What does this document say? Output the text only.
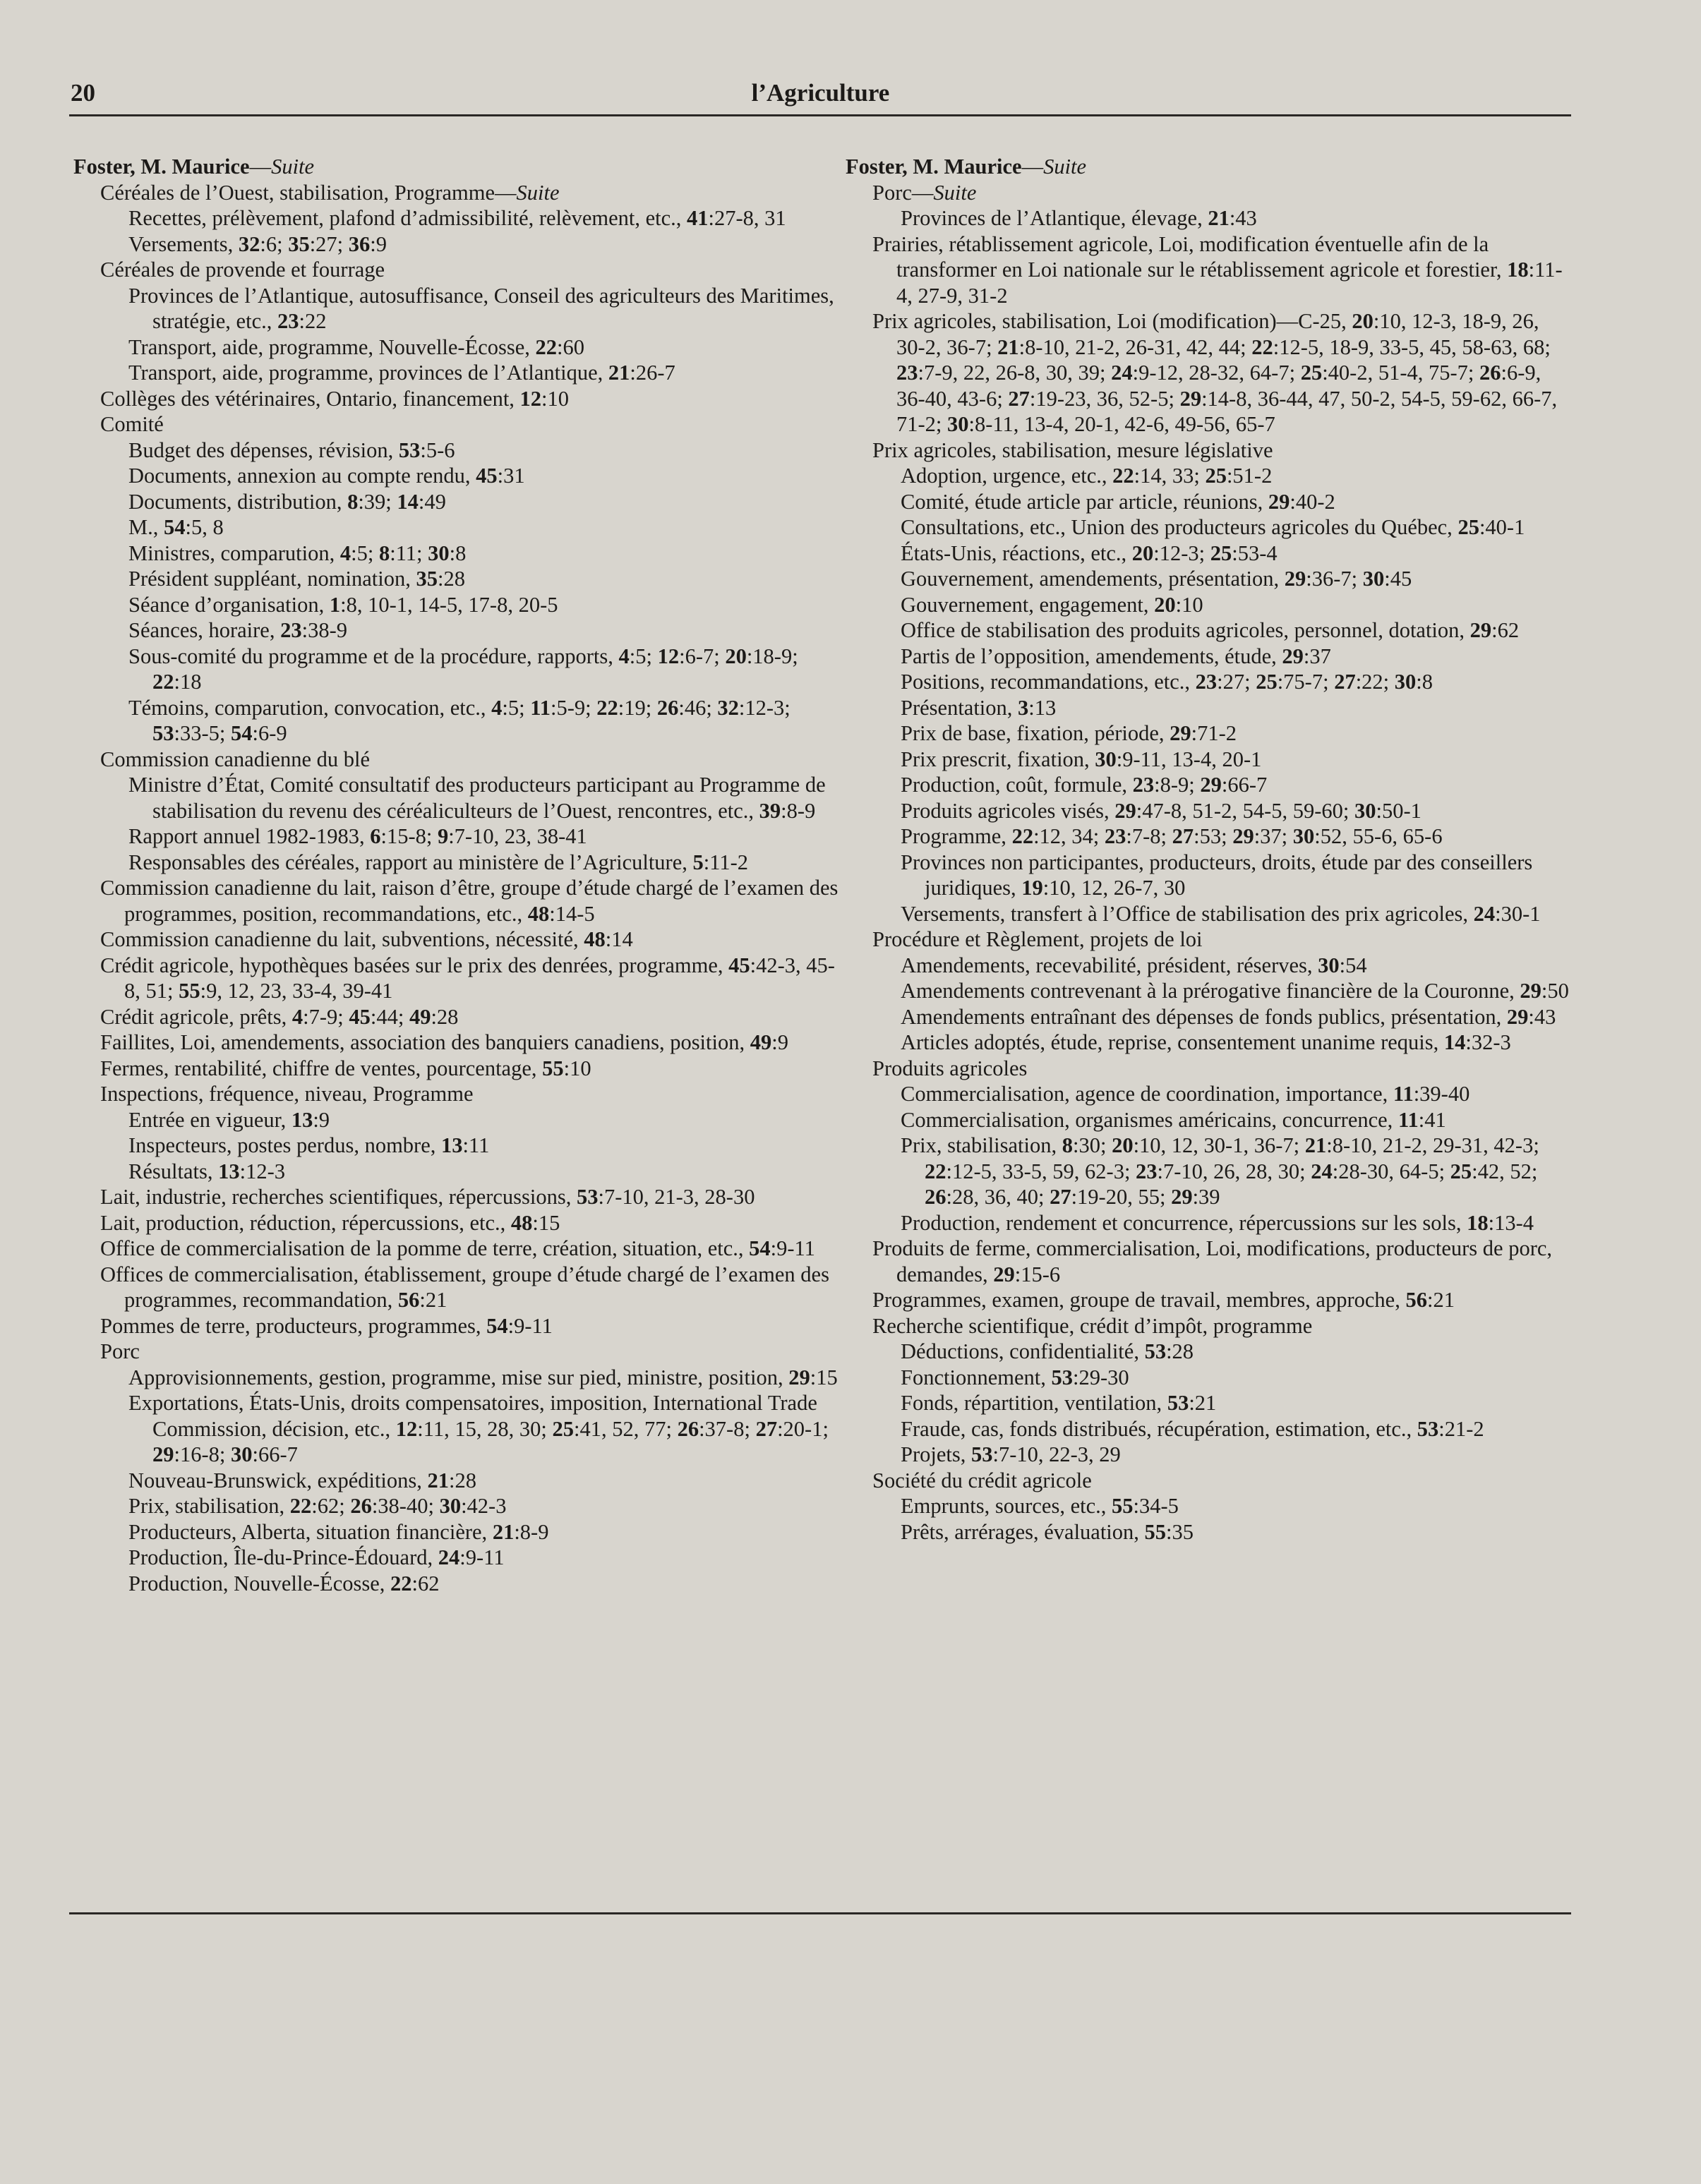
20	l’Agriculture

Foster, M. Maurice—Suite

Céréales de l’Ouest, stabilisation, Programme—Suite

Recettes, prélèvement, plafond d’admissibilité, relèvement, etc., 41:27-8, 31

Versements, 32:6; 35:27; 36:9

Céréales de provende et fourrage

Provinces de l’Atlantique, autosuffisance, Conseil des agriculteurs des Maritimes, stratégie, etc., 23:22

Transport, aide, programme, Nouvelle-Écosse, 22:60

Transport, aide, programme, provinces de l’Atlantique, 21:26-7

Collèges des vétérinaires, Ontario, financement, 12:10

Comité

Budget des dépenses, révision, 53:5-6

Documents, annexion au compte rendu, 45:31

Documents, distribution, 8:39; 14:49

M., 54:5, 8

Ministres, comparution, 4:5; 8:11; 30:8

Président suppléant, nomination, 35:28

Séance d’organisation, 1:8, 10-1, 14-5, 17-8, 20-5

Séances, horaire, 23:38-9

Sous-comité du programme et de la procédure, rapports, 4:5; 12:6-7; 20:18-9; 22:18

Témoins, comparution, convocation, etc., 4:5; 11:5-9; 22:19; 26:46; 32:12-3; 53:33-5; 54:6-9

Commission canadienne du blé

Ministre d’État, Comité consultatif des producteurs participant au Programme de stabilisation du revenu des céréaliculteurs de l’Ouest, rencontres, etc., 39:8-9

Rapport annuel 1982-1983, 6:15-8; 9:7-10, 23, 38-41

Responsables des céréales, rapport au ministère de l’Agriculture, 5:11-2

Commission canadienne du lait, raison d’être, groupe d’étude chargé de l’examen des programmes, position, recommandations, etc., 48:14-5

Commission canadienne du lait, subventions, nécessité, 48:14

Crédit agricole, hypothèques basées sur le prix des denrées, programme, 45:42-3, 45-8, 51; 55:9, 12, 23, 33-4, 39-41

Crédit agricole, prêts, 4:7-9; 45:44; 49:28

Faillites, Loi, amendements, association des banquiers canadiens, position, 49:9

Fermes, rentabilité, chiffre de ventes, pourcentage, 55:10

Inspections, fréquence, niveau, Programme

Entrée en vigueur, 13:9

Inspecteurs, postes perdus, nombre, 13:11

Résultats, 13:12-3

Lait, industrie, recherches scientifiques, répercussions, 53:7-10, 21-3, 28-30

Lait, production, réduction, répercussions, etc., 48:15

Office de commercialisation de la pomme de terre, création, situation, etc., 54:9-11

Offices de commercialisation, établissement, groupe d’étude chargé de l’examen des programmes, recommandation, 56:21

Pommes de terre, producteurs, programmes, 54:9-11

Porc

Approvisionnements, gestion, programme, mise sur pied, ministre, position, 29:15

Exportations, États-Unis, droits compensatoires, imposition, International Trade Commission, décision, etc., 12:11, 15, 28, 30; 25:41, 52, 77; 26:37-8; 27:20-1; 29:16-8; 30:66-7

Nouveau-Brunswick, expéditions, 21:28

Prix, stabilisation, 22:62; 26:38-40; 30:42-3

Producteurs, Alberta, situation financière, 21:8-9

Production, Île-du-Prince-Édouard, 24:9-11

Production, Nouvelle-Écosse, 22:62

Foster, M. Maurice—Suite

Porc—Suite

Provinces de l’Atlantique, élevage, 21:43

Prairies, rétablissement agricole, Loi, modification éventuelle afin de la transformer en Loi nationale sur le rétablissement agricole et forestier, 18:11-4, 27-9, 31-2

Prix agricoles, stabilisation, Loi (modification)—C-25, 20:10, 12-3, 18-9, 26, 30-2, 36-7; 21:8-10, 21-2, 26-31, 42, 44; 22:12-5, 18-9, 33-5, 45, 58-63, 68; 23:7-9, 22, 26-8, 30, 39; 24:9-12, 28-32, 64-7; 25:40-2, 51-4, 75-7; 26:6-9, 36-40, 43-6; 27:19-23, 36, 52-5; 29:14-8, 36-44, 47, 50-2, 54-5, 59-62, 66-7, 71-2; 30:8-11, 13-4, 20-1, 42-6, 49-56, 65-7

Prix agricoles, stabilisation, mesure législative

Adoption, urgence, etc., 22:14, 33; 25:51-2

Comité, étude article par article, réunions, 29:40-2

Consultations, etc., Union des producteurs agricoles du Québec, 25:40-1

États-Unis, réactions, etc., 20:12-3; 25:53-4

Gouvernement, amendements, présentation, 29:36-7; 30:45

Gouvernement, engagement, 20:10

Office de stabilisation des produits agricoles, personnel, dotation, 29:62

Partis de l’opposition, amendements, étude, 29:37

Positions, recommandations, etc., 23:27; 25:75-7; 27:22; 30:8

Présentation, 3:13

Prix de base, fixation, période, 29:71-2

Prix prescrit, fixation, 30:9-11, 13-4, 20-1

Production, coût, formule, 23:8-9; 29:66-7

Produits agricoles visés, 29:47-8, 51-2, 54-5, 59-60; 30:50-1

Programme, 22:12, 34; 23:7-8; 27:53; 29:37; 30:52, 55-6, 65-6

Provinces non participantes, producteurs, droits, étude par des conseillers juridiques, 19:10, 12, 26-7, 30

Versements, transfert à l’Office de stabilisation des prix agricoles, 24:30-1

Procédure et Règlement, projets de loi

Amendements, recevabilité, président, réserves, 30:54

Amendements contrevenant à la prérogative financière de la Couronne, 29:50

Amendements entraînant des dépenses de fonds publics, présentation, 29:43

Articles adoptés, étude, reprise, consentement unanime requis, 14:32-3

Produits agricoles

Commercialisation, agence de coordination, importance, 11:39-40

Commercialisation, organismes américains, concurrence, 11:41

Prix, stabilisation, 8:30; 20:10, 12, 30-1, 36-7; 21:8-10, 21-2, 29-31, 42-3; 22:12-5, 33-5, 59, 62-3; 23:7-10, 26, 28, 30; 24:28-30, 64-5; 25:42, 52; 26:28, 36, 40; 27:19-20, 55; 29:39

Production, rendement et concurrence, répercussions sur les sols, 18:13-4

Produits de ferme, commercialisation, Loi, modifications, producteurs de porc, demandes, 29:15-6

Programmes, examen, groupe de travail, membres, approche, 56:21

Recherche scientifique, crédit d’impôt, programme

Déductions, confidentialité, 53:28

Fonctionnement, 53:29-30

Fonds, répartition, ventilation, 53:21

Fraude, cas, fonds distribués, récupération, estimation, etc., 53:21-2

Projets, 53:7-10, 22-3, 29

Société du crédit agricole

Emprunts, sources, etc., 55:34-5

Prêts, arrérages, évaluation, 55:35
